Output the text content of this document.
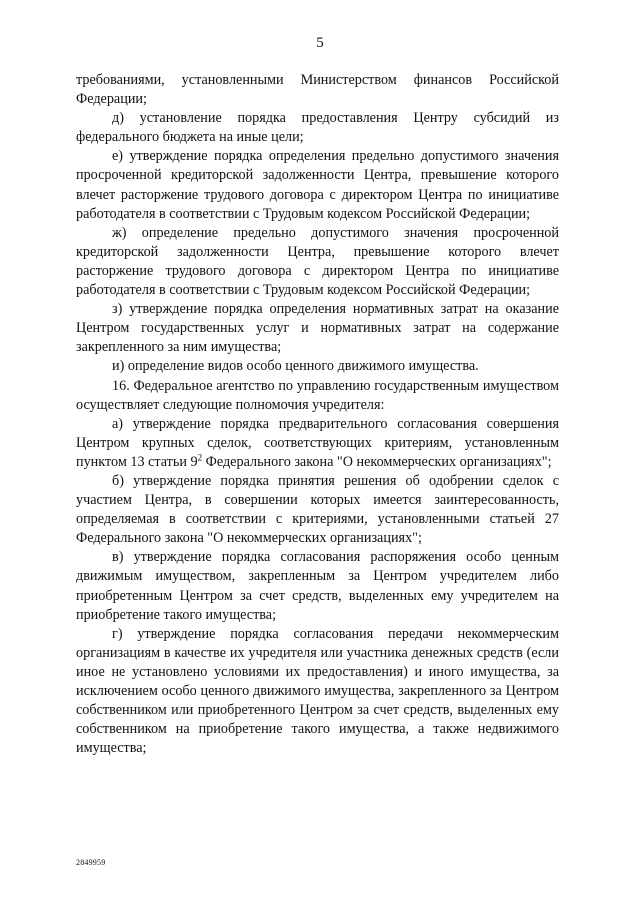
5

требованиями, установленными Министерством финансов Российской Федерации;

д) установление порядка предоставления Центру субсидий из федерального бюджета на иные цели;

е) утверждение порядка определения предельно допустимого значения просроченной кредиторской задолженности Центра, превышение которого влечет расторжение трудового договора с директором Центра по инициативе работодателя в соответствии с Трудовым кодексом Российской Федерации;

ж) определение предельно допустимого значения просроченной кредиторской задолженности Центра, превышение которого влечет расторжение трудового договора с директором Центра по инициативе работодателя в соответствии с Трудовым кодексом Российской Федерации;

з) утверждение порядка определения нормативных затрат на оказание Центром государственных услуг и нормативных затрат на содержание закрепленного за ним имущества;

и) определение видов особо ценного движимого имущества.

16. Федеральное агентство по управлению государственным имуществом осуществляет следующие полномочия учредителя:

а) утверждение порядка предварительного согласования совершения Центром крупных сделок, соответствующих критериям, установленным пунктом 13 статьи $9^2$ Федерального закона "О некоммерческих организациях";

б) утверждение порядка принятия решения об одобрении сделок с участием Центра, в совершении которых имеется заинтересованность, определяемая в соответствии с критериями, установленными статьей 27 Федерального закона "О некоммерческих организациях";

в) утверждение порядка согласования распоряжения особо ценным движимым имуществом, закрепленным за Центром учредителем либо приобретенным Центром за счет средств, выделенных ему учредителем на приобретение такого имущества;

г) утверждение порядка согласования передачи некоммерческим организациям в качестве их учредителя или участника денежных средств (если иное не установлено условиями их предоставления) и иного имущества, за исключением особо ценного движимого имущества, закрепленного за Центром собственником или приобретенного Центром за счет средств, выделенных ему собственником на приобретение такого имущества, а также недвижимого имущества;

2849959
